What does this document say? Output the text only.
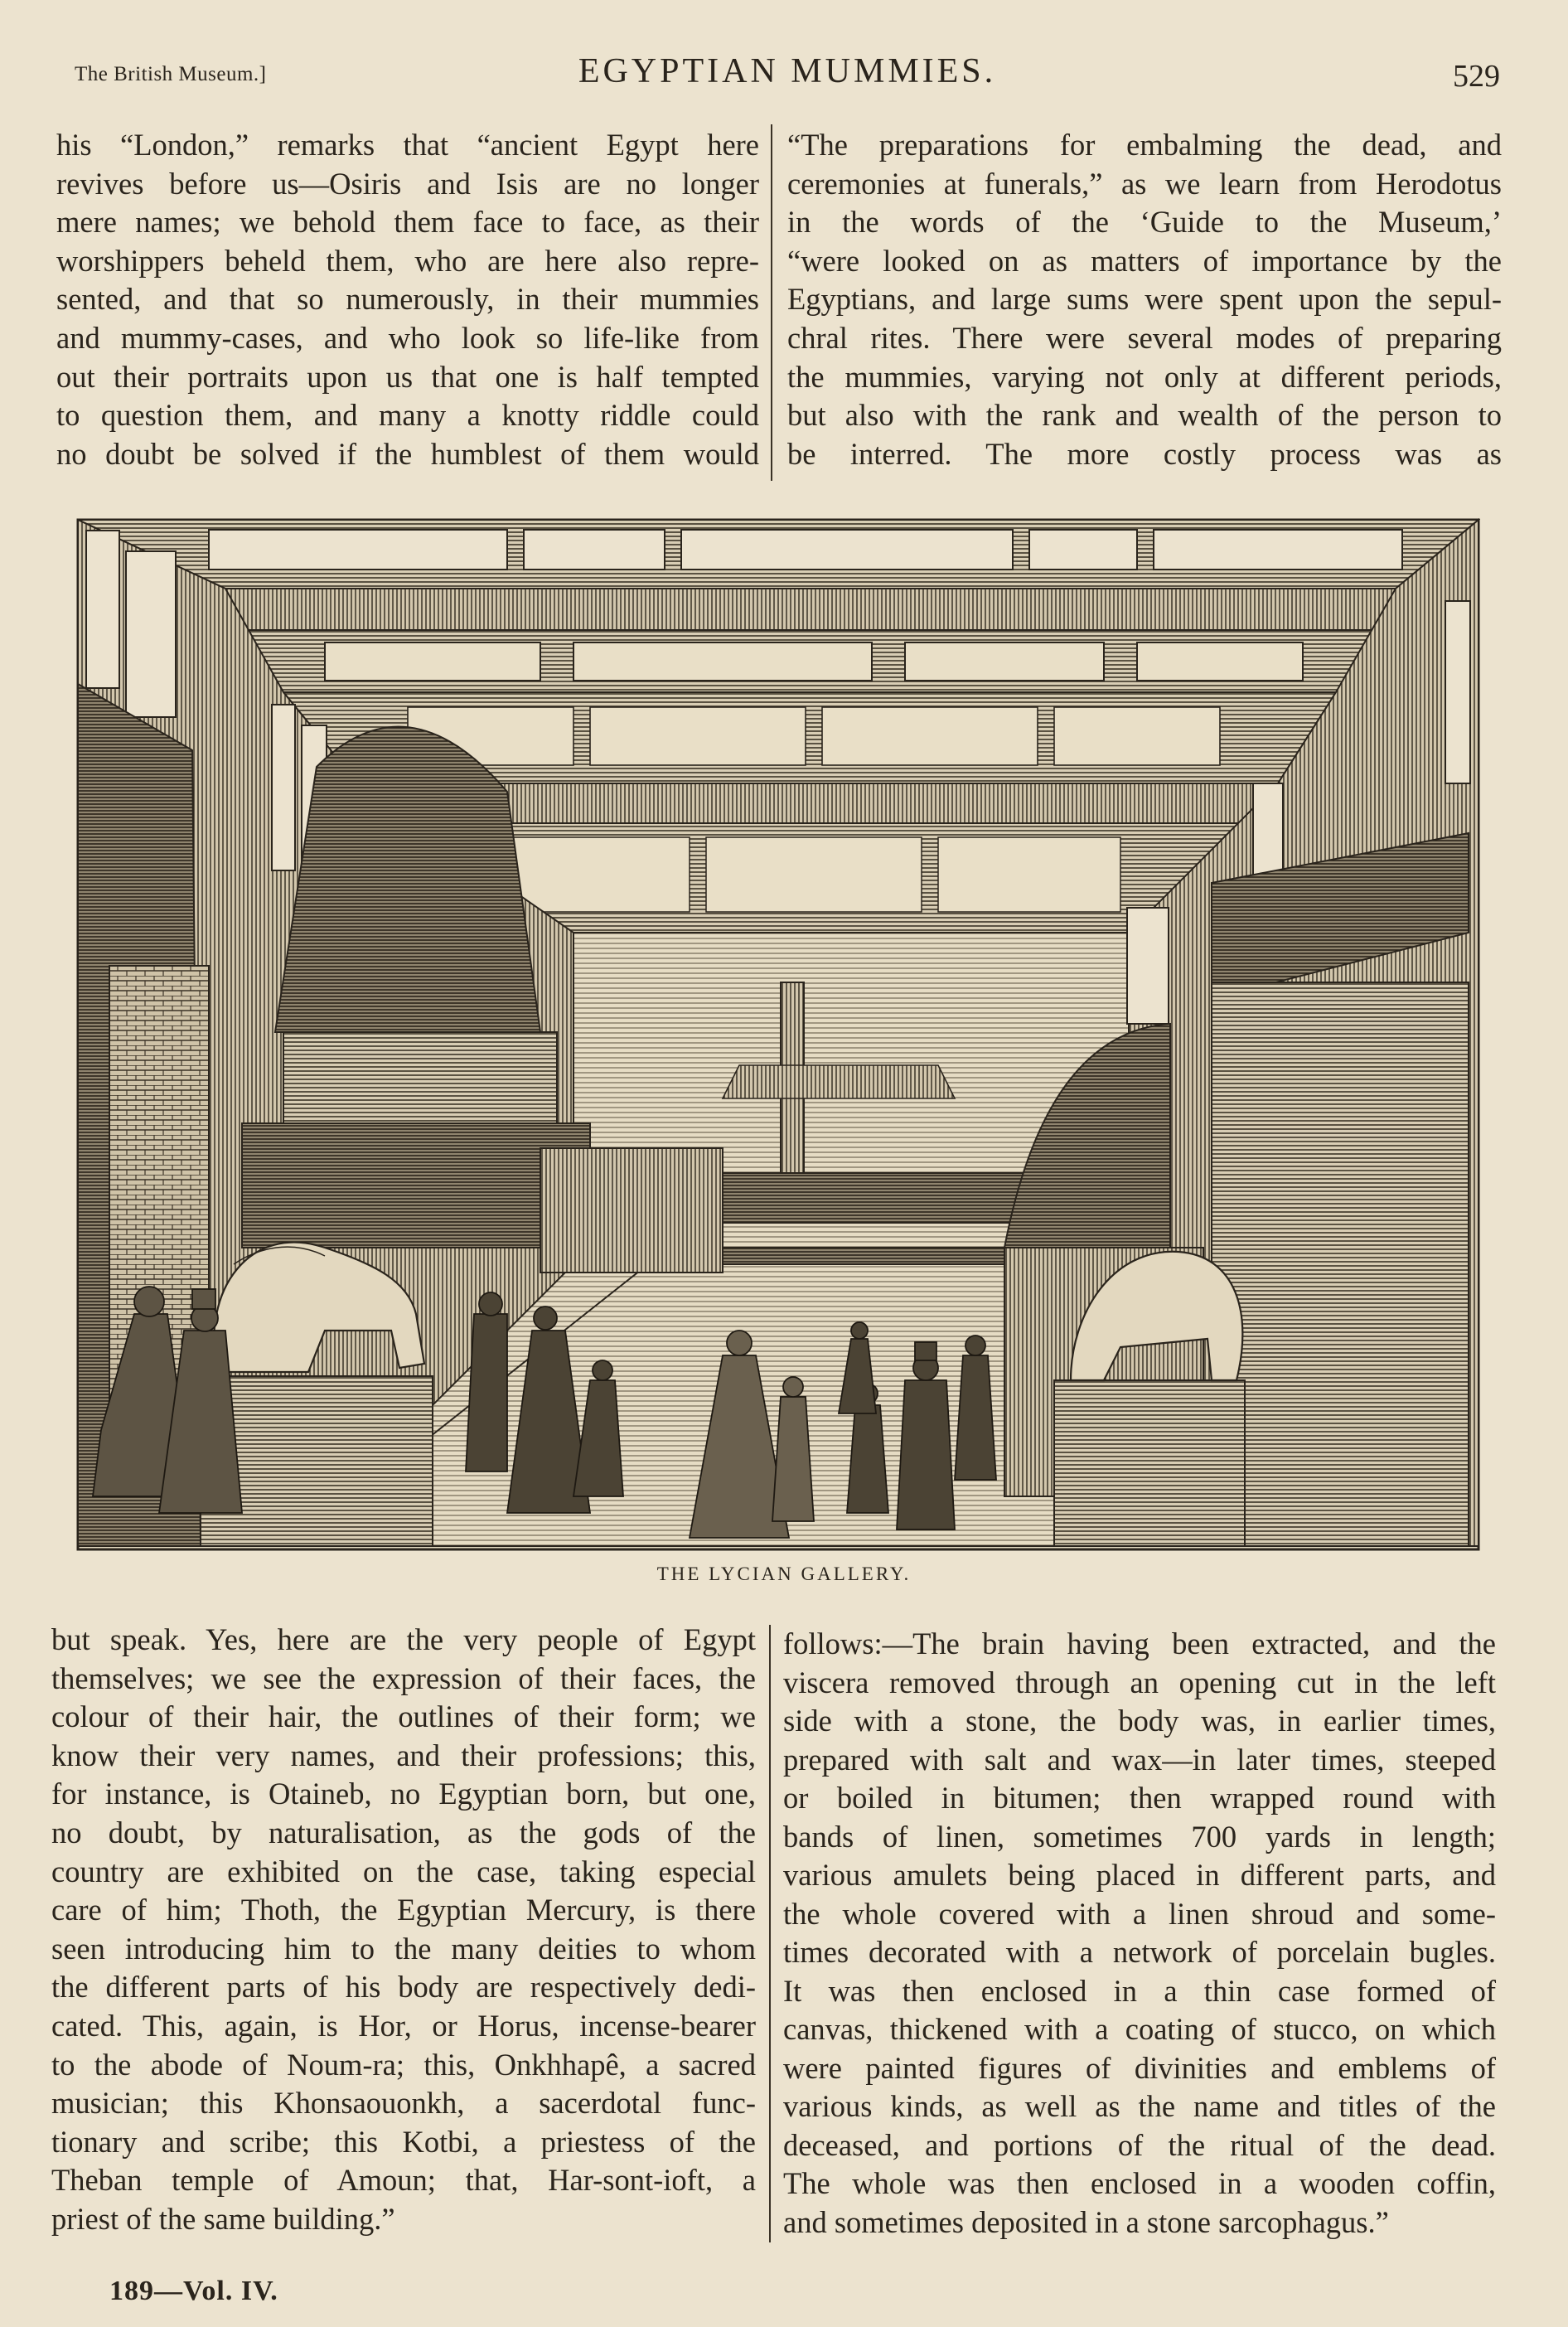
The British Museum.]	EGYPTIAN MUMMIES.	529

his “London,” remarks that “ancient Egypt here

revives before us—Osiris and Isis are no longer

mere names; we behold them face to face, as their

worshippers beheld them, who are here also repre-

sented, and that so numerously, in their mummies

and mummy-cases, and who look so life-like from

out their portraits upon us that one is half tempted

to question them, and many a knotty riddle could

no doubt be solved if the humblest of them would

“The preparations for embalming the dead, and

ceremonies at funerals,” as we learn from Herodotus

in the words of the ‘Guide to the Museum,’

“were looked on as matters of importance by the

Egyptians, and large sums were spent upon the sepul-

chral rites. There were several modes of preparing

the mummies, varying not only at different periods,

but also with the rank and wealth of the person to

be interred. The more costly process was as

THE LYCIAN GALLERY.

but speak. Yes, here are the very people of Egypt

themselves; we see the expression of their faces, the

colour of their hair, the outlines of their form; we

know their very names, and their professions; this,

for instance, is Otaineb, no Egyptian born, but one,

no doubt, by naturalisation, as the gods of the

country are exhibited on the case, taking especial

care of him; Thoth, the Egyptian Mercury, is there

seen introducing him to the many deities to whom

the different parts of his body are respectively dedi-

cated. This, again, is Hor, or Horus, incense-bearer

to the abode of Noum-ra; this, Onkhhapê, a sacred

musician; this Khonsaouonkh, a sacerdotal func-

tionary and scribe; this Kotbi, a priestess of the

Theban temple of Amoun; that, Har-sont-ioft, a

priest of the same building.”

follows:—The brain having been extracted, and the

viscera removed through an opening cut in the left

side with a stone, the body was, in earlier times,

prepared with salt and wax—in later times, steeped

or boiled in bitumen; then wrapped round with

bands of linen, sometimes 700 yards in length;

various amulets being placed in different parts, and

the whole covered with a linen shroud and some-

times decorated with a network of porcelain bugles.

It was then enclosed in a thin case formed of

canvas, thickened with a coating of stucco, on which

were painted figures of divinities and emblems of

various kinds, as well as the name and titles of the

deceased, and portions of the ritual of the dead.

The whole was then enclosed in a wooden coffin,

and sometimes deposited in a stone sarcophagus.”

189—Vol. IV.
